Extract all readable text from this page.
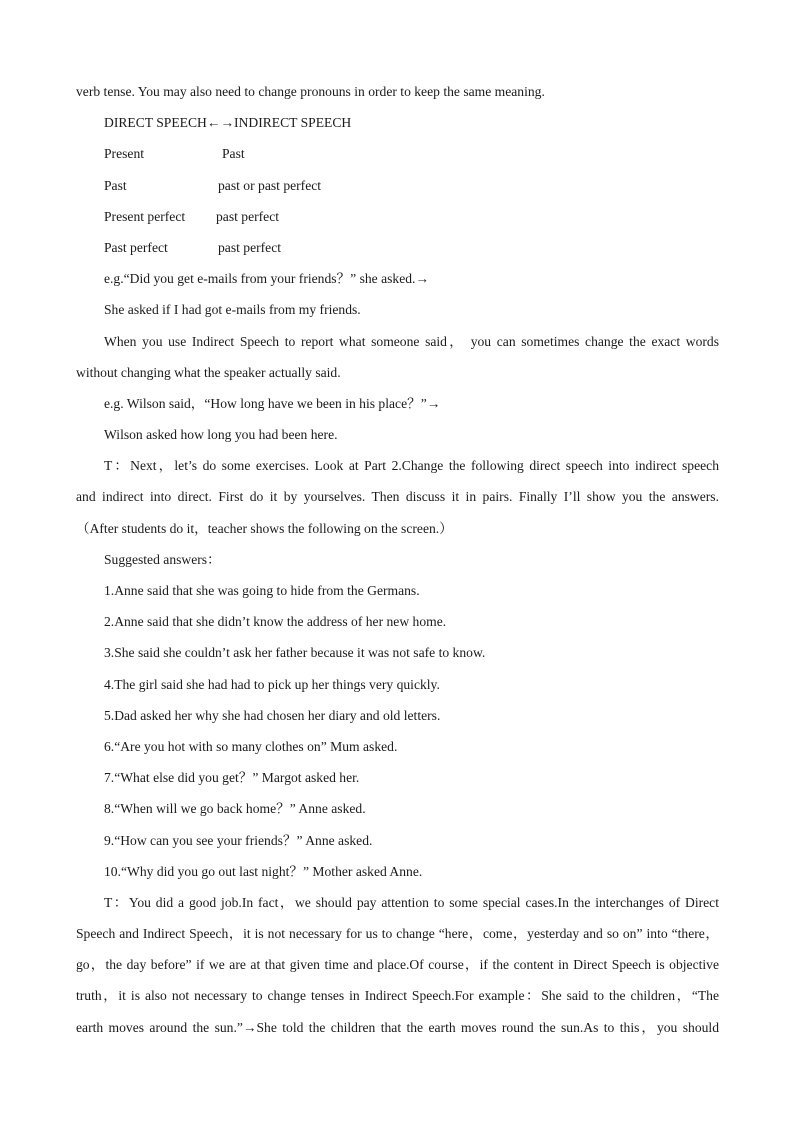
verb tense. You may also need to change pronouns in order to keep the same meaning.
DIRECT SPEECH←→INDIRECT SPEECH
Present	Past
Past	past or past perfect
Present perfect	past perfect
Past perfect	past perfect
e.g.“Did you get e-mails from your friends？” she asked.→
She asked if I had got e-mails from my friends.
When you use Indirect Speech to report what someone said， you can sometimes change the exact words
without changing what the speaker actually said.
e.g. Wilson said，“How long have we been in his place？”→
Wilson asked how long you had been here.
T：Next，let’s do some exercises. Look at Part 2.Change the following direct speech into indirect speech
and indirect into direct. First do it by yourselves. Then discuss it in pairs. Finally I’ll show you the answers.
（After students do it，teacher shows the following on the screen.）
Suggested answers：
1.Anne said that she was going to hide from the Germans.
2.Anne said that she didn’t know the address of her new home.
3.She said she couldn’t ask her father because it was not safe to know.
4.The girl said she had had to pick up her things very quickly.
5.Dad asked her why she had chosen her diary and old letters.
6.“Are you hot with so many clothes on” Mum asked.
7.“What else did you get？” Margot asked her.
8.“When will we go back home？” Anne asked.
9.“How can you see your friends？” Anne asked.
10.“Why did you go out last night？” Mother asked Anne.
T：You did a good job.In fact，we should pay attention to some special cases.In the interchanges of Direct
Speech and Indirect Speech，it is not necessary for us to change “here，come，yesterday and so on” into “there，
go，the day before” if we are at that given time and place.Of course，if the content in Direct Speech is objective
truth，it is also not necessary to change tenses in Indirect Speech.For example：She said to the children，“The
earth moves around the sun.”→She told the children that the earth moves round the sun.As to this，you should
